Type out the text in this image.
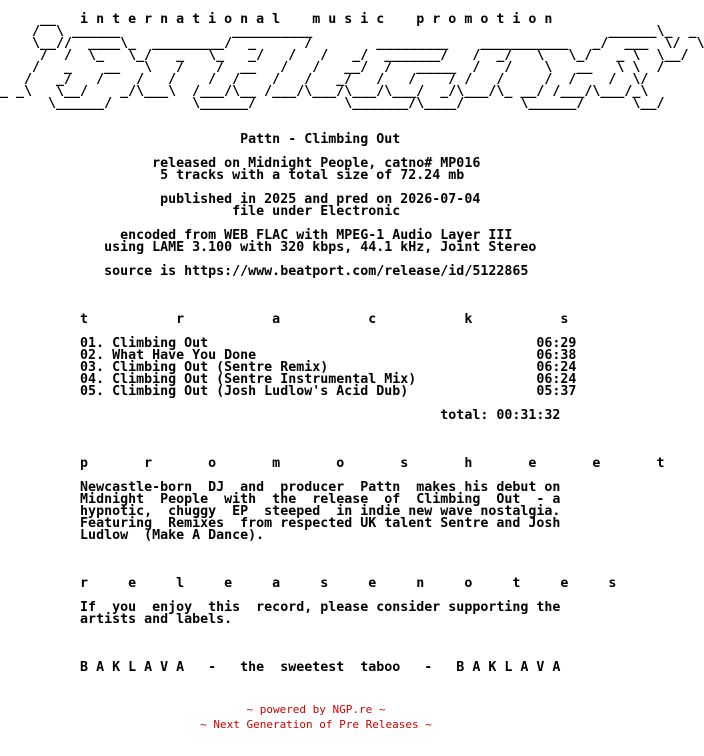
__   i n t e r n a t i o n a l    m u s i c    p r o m o t i o n
/  \ ______              __________                                     ______\_  _
\__//  ____\_  _________/  _      /        _________    ___________   _/  ___  \/  \
/  /  \_   \_/   _   \_   _/   /   /   _/  _______/   /  _/   \   \_/   _ \  \__/
/   _    __   \   /    /  __   /   /   __/  /   _____  /   /    \   __   \ \  /
/   _/   /    /   /    /  /    /   /   _/   /   /    / /   /     /  /    /  \/
_ _\   \__/    _/\___\  /___/\__ /___/\___/\___/\___/  _/\___/\_ __/ /___/\___/_\
\______/          \______/           \_______/\____/       \______/      \__/

Pattn - Climbing Out

released on Midnight People, catno# MP016
5 tracks with a total size of 72.24 mb

published in 2025 and pred on 2026-07-04
file under Electronic

encoded from WEB FLAC with MPEG-1 Audio Layer III
using LAME 3.100 with 320 kbps, 44.1 kHz, Joint Stereo

source is https://www.beatport.com/release/id/5122865

t           r           a           c           k           s

01. Climbing Out                                         06:29
02. What Have You Done                                   06:38
03. Climbing Out (Sentre Remix)                          06:24
04. Climbing Out (Sentre Instrumental Mix)               06:24
05. Climbing Out (Josh Ludlow's Acid Dub)                05:37

total: 00:31:32

p       r       o       m       o       s       h       e       e       t

Newcastle-born  DJ  and  producer  Pattn  makes his debut on
Midnight  People  with  the  release  of  Climbing  Out  - a
hypnotic,  chuggy  EP  steeped  in indie new wave nostalgia.
Featuring  Remixes  from respected UK talent Sentre and Josh
Ludlow  (Make A Dance).

r     e     l     e     a     s     e     n     o     t     e     s

If  you  enjoy  this  record, please consider supporting the
artists and labels.

B A K L A V A   -   the  sweetest  taboo   -   B A K L A V A
~ powered by NGP.re ~
~ Next Generation of Pre Releases ~
